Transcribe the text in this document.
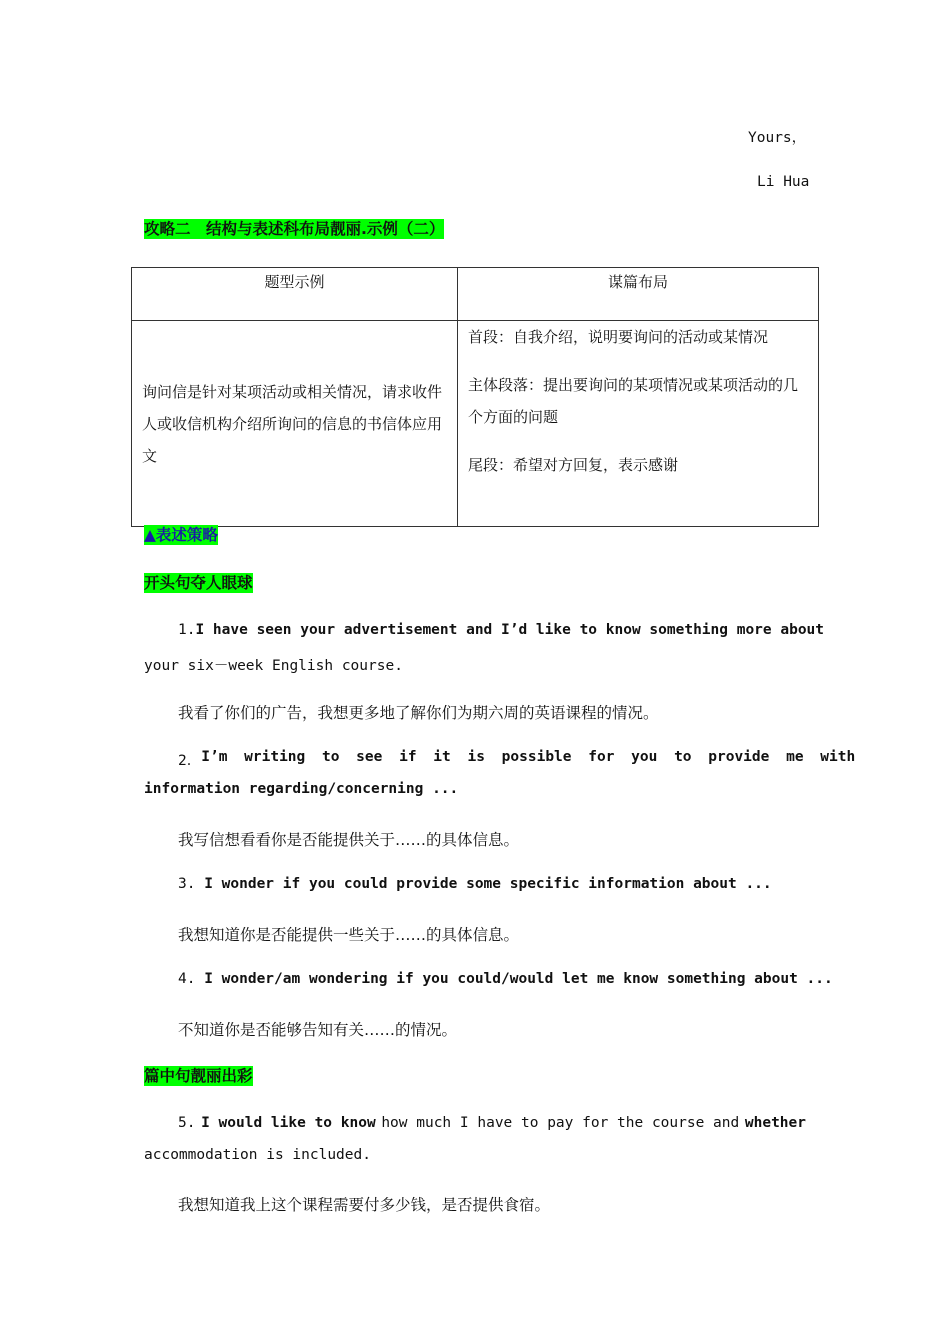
Yours，
Li Hua
攻略二　结构与表述科布局靓丽.示例（二）
题型示例	谋篇布局
询问信是针对某项活动或相关情况，请求收件人或收信机构介绍所询问的信息的书信体应用文	首段：自我介绍，说明要询问的活动或某情况

主体段落：提出要询问的某项情况或某项活动的几个方面的问题

尾段：希望对方回复，表示感谢

▲表述策略
开头句夺人眼球
1. I have seen your advertisement and I’d like to know something more about
your six－week English course.
我看了你们的广告，我想更多地了解你们为期六周的英语课程的情况。
2． I’m writing to see if it is possible for you to provide me with
information regarding/concerning ...
我写信想看看你是否能提供关于……的具体信息。
3. I wonder if you could provide some specific information about ...
我想知道你是否能提供一些关于……的具体信息。
4. I wonder/am wondering if you could/would let me know something about ...
不知道你是否能够告知有关……的情况。
篇中句靓丽出彩
5. I would like to know how much I have to pay for the course and whether
accommodation is included.
我想知道我上这个课程需要付多少钱，是否提供食宿。
